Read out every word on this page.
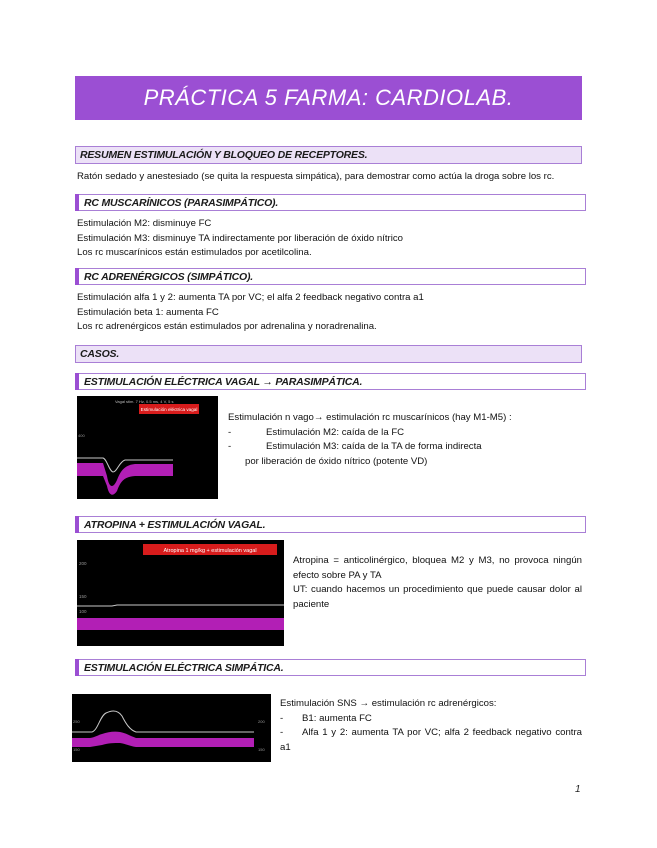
PRÁCTICA 5 FARMA: CARDIOLAB.
RESUMEN ESTIMULACIÓN Y BLOQUEO DE RECEPTORES.
Ratón sedado y anestesiado (se quita la respuesta simpática), para demostrar como actúa la droga sobre los rc.
RC MUSCARÍNICOS (PARASIMPÁTICO).
Estimulación M2: disminuye FC
Estimulación M3: disminuye TA indirectamente por liberación de óxido nítrico
Los rc muscarínicos están estimulados por acetilcolina.
RC ADRENÉRGICOS (SIMPÁTICO).
Estimulación alfa 1 y 2: aumenta TA por VC; el alfa 2 feedback negativo contra a1
Estimulación beta 1: aumenta FC
Los rc adrenérgicos están estimulados por adrenalina y noradrenalina.
CASOS.
ESTIMULACIÓN ELÉCTRICA VAGAL → PARASIMPÁTICA.
Vagal stim. 7 Hz, 0.5 ms, 4 V, 5 s
Estimulación eléctrica vagal
400
Estimulación n vago→ estimulación rc muscarínicos (hay M1-M5) :
-	Estimulación M2: caída de la FC
-	Estimulación M3: caída de la TA de forma indirecta
por liberación de óxido nítrico (potente VD)
ATROPINA + ESTIMULACIÓN VAGAL.
Atropina 1 mg/kg + estimulación vagal
200
150
100
Atropina = anticolinérgico, bloquea M2 y M3, no provoca ningún efecto sobre PA y TA
UT: cuando hacemos un procedimiento que puede causar dolor al paciente
ESTIMULACIÓN ELÉCTRICA SIMPÁTICA.
250
150
200
150
Estimulación SNS → estimulación rc adrenérgicos:
- B1: aumenta FC
-	Alfa 1 y 2: aumenta TA por VC; alfa 2 feedback negativo contra a1
1
